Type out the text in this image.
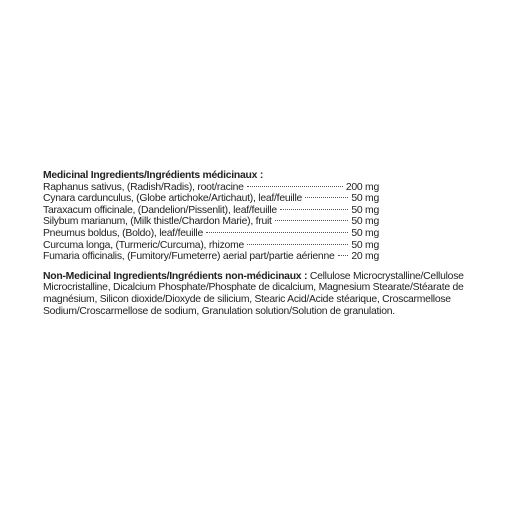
Medicinal Ingredients/Ingrédients médicinaux :
Raphanus sativus, (Radish/Radis), root/racine	200 mg
Cynara cardunculus, (Globe artichoke/Artichaut), leaf/feuille	50 mg
Taraxacum officinale, (Dandelion/Pissenlit), leaf/feuille	50 mg
Silybum marianum, (Milk thistle/Chardon Marie), fruit	50 mg
Pneumus boldus, (Boldo), leaf/feuille	50 mg
Curcuma longa, (Turmeric/Curcuma), rhizome	50 mg
Fumaria officinalis, (Fumitory/Fumeterre) aerial part/partie aérienne 20 mg
Non-Medicinal Ingredients/Ingrédients non-médicinaux : Cellulose Microcrystalline/Cellulose Microcristalline, Dicalcium Phosphate/Phosphate de dicalcium, Magnesium Stearate/Stéarate de magnésium, Silicon dioxide/Dioxyde de silicium, Stearic Acid/Acide stéarique, Croscarmellose Sodium/Croscarmellose de sodium, Granulation solution/Solution de granulation.
